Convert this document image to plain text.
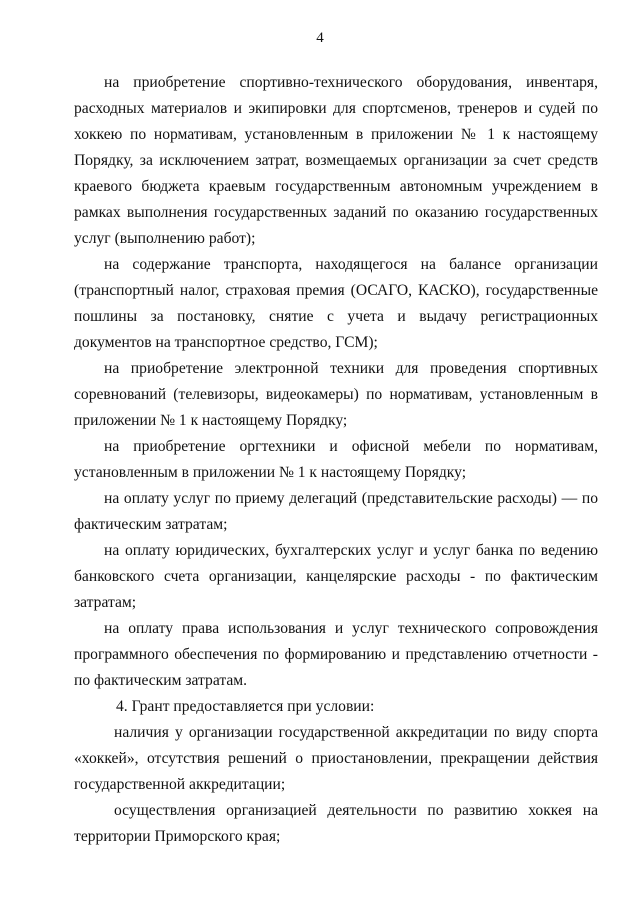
4

на приобретение спортивно-технического оборудования, инвентаря, расходных материалов и экипировки для спортсменов, тренеров и судей по хоккею по нормативам, установленным в приложении № 1 к настоящему Порядку, за исключением затрат, возмещаемых организации за счет средств краевого бюджета краевым государственным автономным учреждением в рамках выполнения государственных заданий по оказанию государственных услуг (выполнению работ);

на содержание транспорта, находящегося на балансе организации (транспортный налог, страховая премия (ОСАГО, КАСКО), государственные пошлины за постановку, снятие с учета и выдачу регистрационных документов на транспортное средство, ГСМ);

на приобретение электронной техники для проведения спортивных соревнований (телевизоры, видеокамеры) по нормативам, установленным в приложении № 1 к настоящему Порядку;

на приобретение оргтехники и офисной мебели по нормативам, установленным в приложении № 1 к настоящему Порядку;

на оплату услуг по приему делегаций (представительские расходы) — по фактическим затратам;

на оплату юридических, бухгалтерских услуг и услуг банка по ведению банковского счета организации, канцелярские расходы - по фактическим затратам;

на оплату права использования и услуг технического сопровождения программного обеспечения по формированию и представлению отчетности - по фактическим затратам.

4. Грант предоставляется при условии:

наличия у организации государственной аккредитации по виду спорта «хоккей», отсутствия решений о приостановлении, прекращении действия государственной аккредитации;

осуществления организацией деятельности по развитию хоккея на территории Приморского края;
